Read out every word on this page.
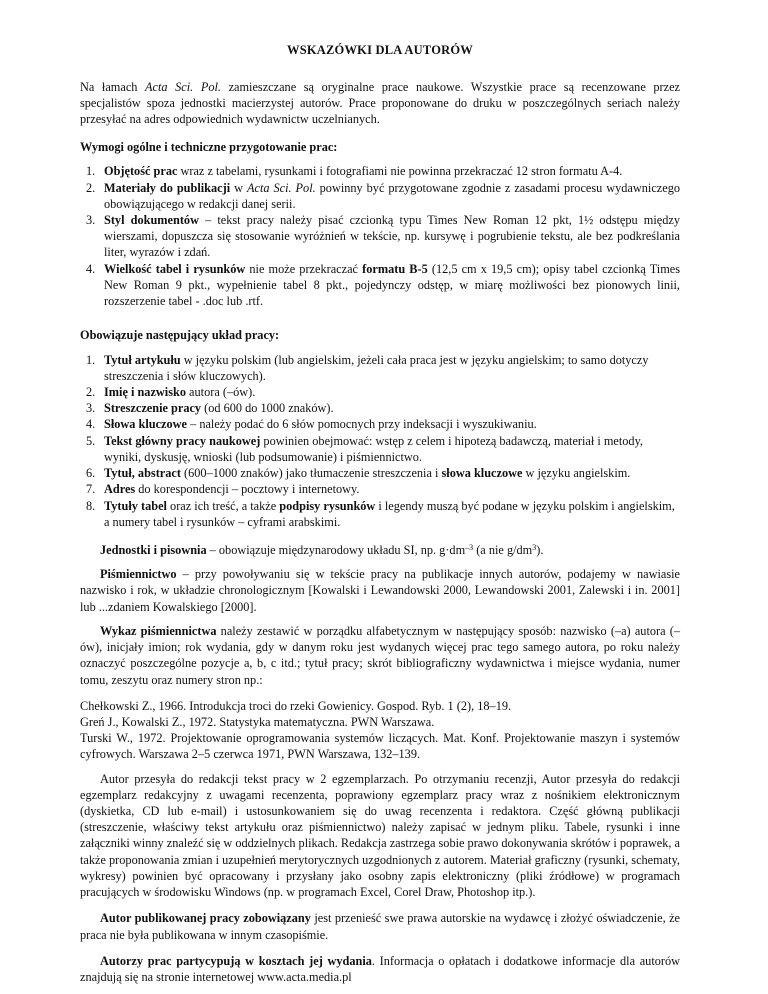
WSKAZÓWKI DLA AUTORÓW

Na łamach Acta Sci. Pol. zamieszczane są oryginalne prace naukowe. Wszystkie prace są recenzowane przez specjalistów spoza jednostki macierzystej autorów. Prace proponowane do druku w poszczególnych seriach należy przesyłać na adres odpowiednich wydawnictw uczelnianych.

Wymogi ogólne i techniczne przygotowanie prac:
1. Objętość prac wraz z tabelami, rysunkami i fotografiami nie powinna przekraczać 12 stron formatu A-4.
2. Materiały do publikacji w Acta Sci. Pol. powinny być przygotowane zgodnie z zasadami procesu wydawniczego obowiązującego w redakcji danej serii.
3. Styl dokumentów – tekst pracy należy pisać czcionką typu Times New Roman 12 pkt, 1½ odstępu między wierszami, dopuszcza się stosowanie wyróżnień w tekście, np. kursywę i pogrubienie tekstu, ale bez podkreślania liter, wyrazów i zdań.
4. Wielkość tabel i rysunków nie może przekraczać formatu B-5 (12,5 cm x 19,5 cm); opisy tabel czcionką Times New Roman 9 pkt., wypełnienie tabel 8 pkt., pojedynczy odstęp, w miarę możliwości bez pionowych linii, rozszerzenie tabel - .doc lub .rtf.
Obowiązuje następujący układ pracy:
1. Tytuł artykułu w języku polskim (lub angielskim, jeżeli cała praca jest w języku angielskim; to samo dotyczy streszczenia i słów kluczowych).
2. Imię i nazwisko autora (–ów).
3. Streszczenie pracy (od 600 do 1000 znaków).
4. Słowa kluczowe – należy podać do 6 słów pomocnych przy indeksacji i wyszukiwaniu.
5. Tekst główny pracy naukowej powinien obejmować: wstęp z celem i hipotezą badawczą, materiał i metody, wyniki, dyskusję, wnioski (lub podsumowanie) i piśmiennictwo.
6. Tytuł, abstract (600–1000 znaków) jako tłumaczenie streszczenia i słowa kluczowe w języku angielskim.
7. Adres do korespondencji – pocztowy i internetowy.
8. Tytuły tabel oraz ich treść, a także podpisy rysunków i legendy muszą być podane w języku polskim i angielskim, a numery tabel i rysunków – cyframi arabskimi.

Jednostki i pisownia – obowiązuje międzynarodowy układu SI, np. $g\cdot dm^{-3}$ (a nie $g/dm^3$).

Piśmiennictwo – przy powoływaniu się w tekście pracy na publikacje innych autorów, podajemy w nawiasie nazwisko i rok, w układzie chronologicznym [Kowalski i Lewandowski 2000, Lewandowski 2001, Zalewski i in. 2001] lub ...zdaniem Kowalskiego [2000].

Wykaz piśmiennictwa należy zestawić w porządku alfabetycznym w następujący sposób: nazwisko (–a) autora (–ów), inicjały imion; rok wydania, gdy w danym roku jest wydanych więcej prac tego samego autora, po roku należy oznaczyć poszczególne pozycje a, b, c itd.; tytuł pracy; skrót bibliograficzny wydawnictwa i miejsce wydania, numer tomu, zeszytu oraz numery stron np.:

Chełkowski Z., 1966. Introdukcja troci do rzeki Gowienicy. Gospod. Ryb. 1 (2), 18–19.

Greń J., Kowalski Z., 1972. Statystyka matematyczna. PWN Warszawa.

Turski W., 1972. Projektowanie oprogramowania systemów liczących. Mat. Konf. Projektowanie maszyn i systemów cyfrowych. Warszawa 2–5 czerwca 1971, PWN Warszawa, 132–139.

Autor przesyła do redakcji tekst pracy w 2 egzemplarzach. Po otrzymaniu recenzji, Autor przesyła do redakcji egzemplarz redakcyjny z uwagami recenzenta, poprawiony egzemplarz pracy wraz z nośnikiem elektronicznym (dyskietka, CD lub e-mail) i ustosunkowaniem się do uwag recenzenta i redaktora. Część główną publikacji (streszczenie, właściwy tekst artykułu oraz piśmiennictwo) należy zapisać w jednym pliku. Tabele, rysunki i inne załączniki winny znaleźć się w oddzielnych plikach. Redakcja zastrzega sobie prawo dokonywania skrótów i poprawek, a także proponowania zmian i uzupełnień merytorycznych uzgodnionych z autorem. Materiał graficzny (rysunki, schematy, wykresy) powinien być opracowany i przysłany jako osobny zapis elektroniczny (pliki źródłowe) w programach pracujących w środowisku Windows (np. w programach Excel, Corel Draw, Photoshop itp.).

Autor publikowanej pracy zobowiązany jest przenieść swe prawa autorskie na wydawcę i złożyć oświadczenie, że praca nie była publikowana w innym czasopiśmie.

Autorzy prac partycypują w kosztach jej wydania. Informacja o opłatach i dodatkowe informacje dla autorów znajdują się na stronie internetowej www.acta.media.pl
